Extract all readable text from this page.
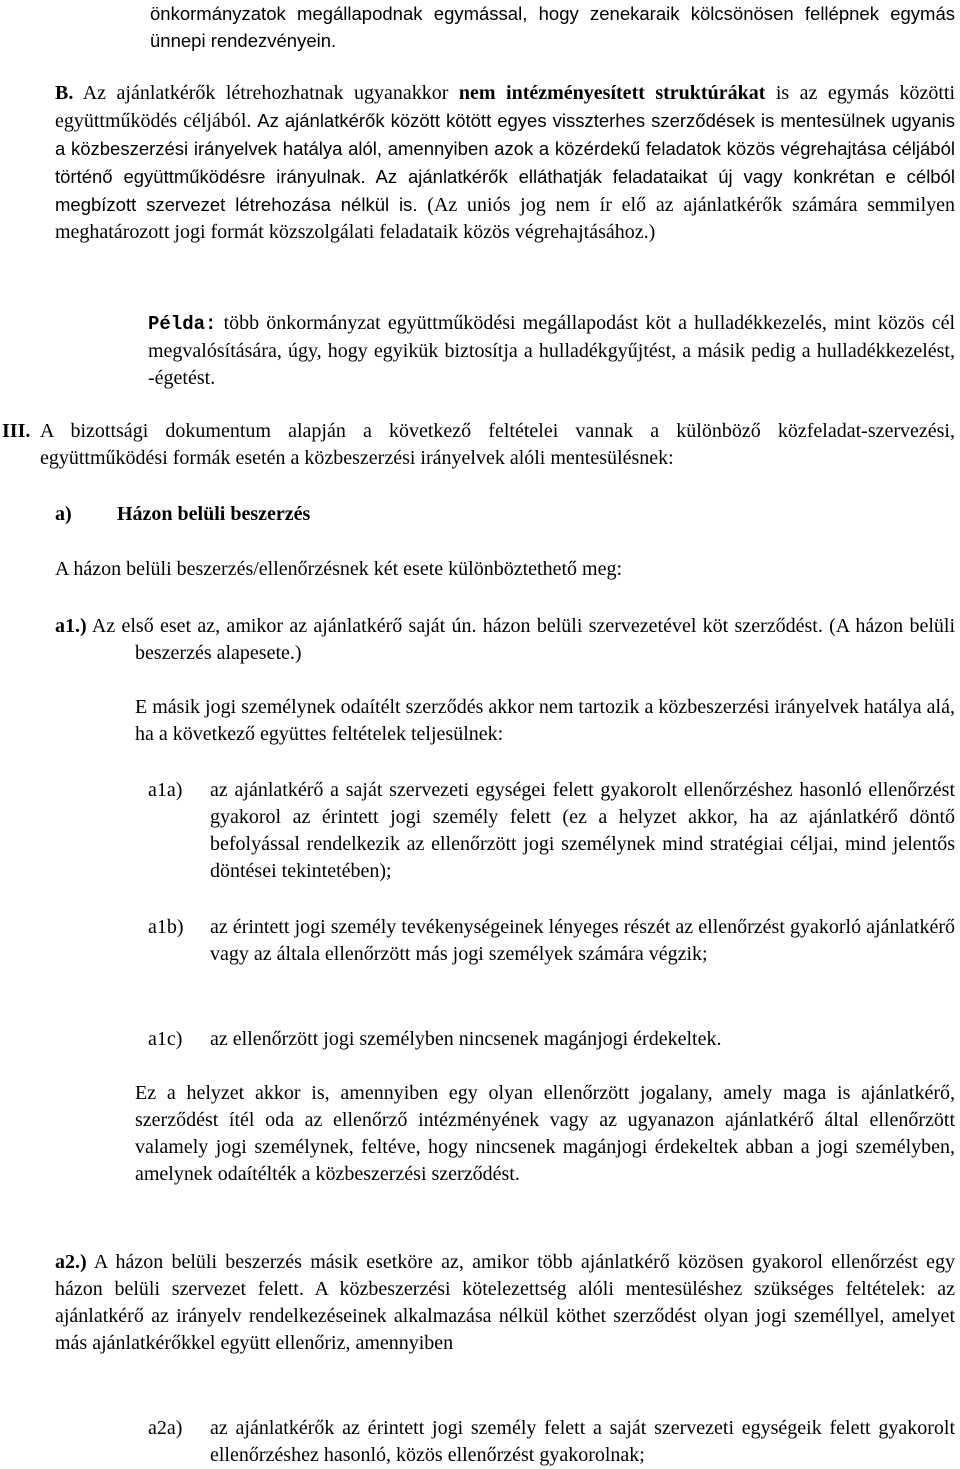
önkormányzatok megállapodnak egymással, hogy zenekaraik kölcsönösen fellépnek egymás ünnepi rendezvényein.

B. Az ajánlatkérők létrehozhatnak ugyanakkor nem intézményesített struktúrákat is az egymás közötti együttműködés céljából. Az ajánlatkérők között kötött egyes visszterhes szerződések is mentesülnek ugyanis a közbeszerzési irányelvek hatálya alól, amennyiben azok a közérdekű feladatok közös végrehajtása céljából történő együttműködésre irányulnak. Az ajánlatkérők elláthatják feladataikat új vagy konkrétan e célból megbízott szervezet létrehozása nélkül is. (Az uniós jog nem ír elő az ajánlatkérők számára semmilyen meghatározott jogi formát közszolgálati feladataik közös végrehajtásához.)

Példa: több önkormányzat együttműködési megállapodást köt a hulladékkezelés, mint közös cél megvalósítására, úgy, hogy egyikük biztosítja a hulladékgyűjtést, a másik pedig a hulladékkezelést, -égetést.

III. A bizottsági dokumentum alapján a következő feltételei vannak a különböző közfeladat-szervezési, együttműködési formák esetén a közbeszerzési irányelvek alóli mentesülésnek:
a)	Házon belüli beszerzés

A házon belüli beszerzés/ellenőrzésnek két esete különböztethető meg:

a1.) Az első eset az, amikor az ajánlatkérő saját ún. házon belüli szervezetével köt szerződést. (A házon belüli beszerzés alapesete.)

E másik jogi személynek odaítélt szerződés akkor nem tartozik a közbeszerzési irányelvek hatálya alá, ha a következő együttes feltételek teljesülnek:

a1a)	az ajánlatkérő a saját szervezeti egységei felett gyakorolt ellenőrzéshez hasonló ellenőrzést gyakorol az érintett jogi személy felett (ez a helyzet akkor, ha az ajánlatkérő döntő befolyással rendelkezik az ellenőrzött jogi személynek mind stratégiai céljai, mind jelentős döntései tekintetében);
a1b)	az érintett jogi személy tevékenységeinek lényeges részét az ellenőrzést gyakorló ajánlatkérő vagy az általa ellenőrzött más jogi személyek számára végzik;
a1c)	az ellenőrzött jogi személyben nincsenek magánjogi érdekeltek.

Ez a helyzet akkor is, amennyiben egy olyan ellenőrzött jogalany, amely maga is ajánlatkérő, szerződést ítél oda az ellenőrző intézményének vagy az ugyanazon ajánlatkérő által ellenőrzött valamely jogi személynek, feltéve, hogy nincsenek magánjogi érdekeltek abban a jogi személyben, amelynek odaítélték a közbeszerzési szerződést.

a2.) A házon belüli beszerzés másik esetköre az, amikor több ajánlatkérő közösen gyakorol ellenőrzést egy házon belüli szervezet felett. A közbeszerzési kötelezettség alóli mentesüléshez szükséges feltételek: az ajánlatkérő az irányelv rendelkezéseinek alkalmazása nélkül köthet szerződést olyan jogi személlyel, amelyet más ajánlatkérőkkel együtt ellenőriz, amennyiben

a2a)	az ajánlatkérők az érintett jogi személy felett a saját szervezeti egységeik felett gyakorolt ellenőrzéshez hasonló, közös ellenőrzést gyakorolnak;
